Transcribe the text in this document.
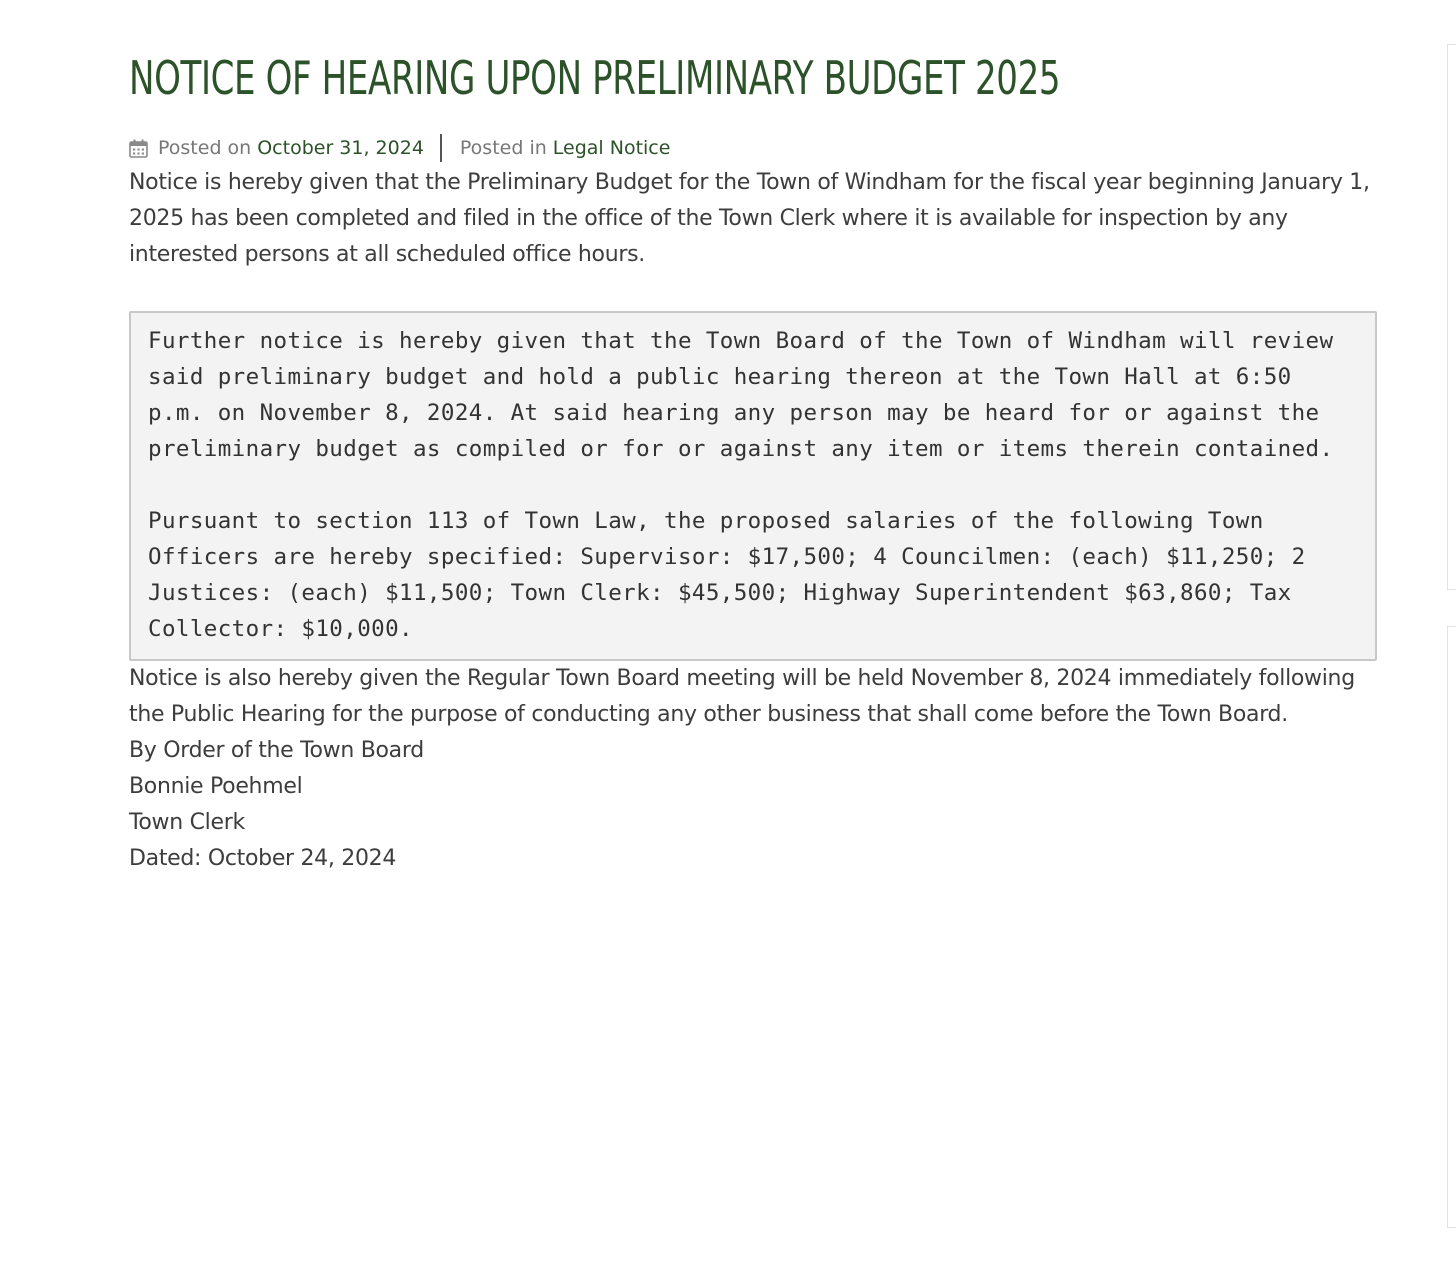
NOTICE OF HEARING UPON PRELIMINARY BUDGET 2025
Posted on October 31, 2024 Posted in Legal Notice

Notice is hereby given that the Preliminary Budget for the Town of Windham for the fiscal year beginning January 1, 2025 has been completed and filed in the office of the Town Clerk where it is available for inspection by any interested persons at all scheduled office hours.

Further notice is hereby given that the Town Board of the Town of Windham will review said preliminary budget and hold a public hearing thereon at the Town Hall at 6:50 p.m. on November 8, 2024. At said hearing any person may be heard for or against the preliminary budget as compiled or for or against any item or items therein contained.
Pursuant to section 113 of Town Law, the proposed salaries of the following Town Officers are hereby specified: Supervisor: $17,500; 4 Councilmen: (each) $11,250; 2 Justices: (each) $11,500; Town Clerk: $45,500; Highway Superintendent $63,860; Tax Collector: $10,000.

Notice is also hereby given the Regular Town Board meeting will be held November 8, 2024 immediately following the Public Hearing for the purpose of conducting any other business that shall come before the Town Board.

By Order of the Town Board

Bonnie Poehmel
Town Clerk
Dated: October 24, 2024
